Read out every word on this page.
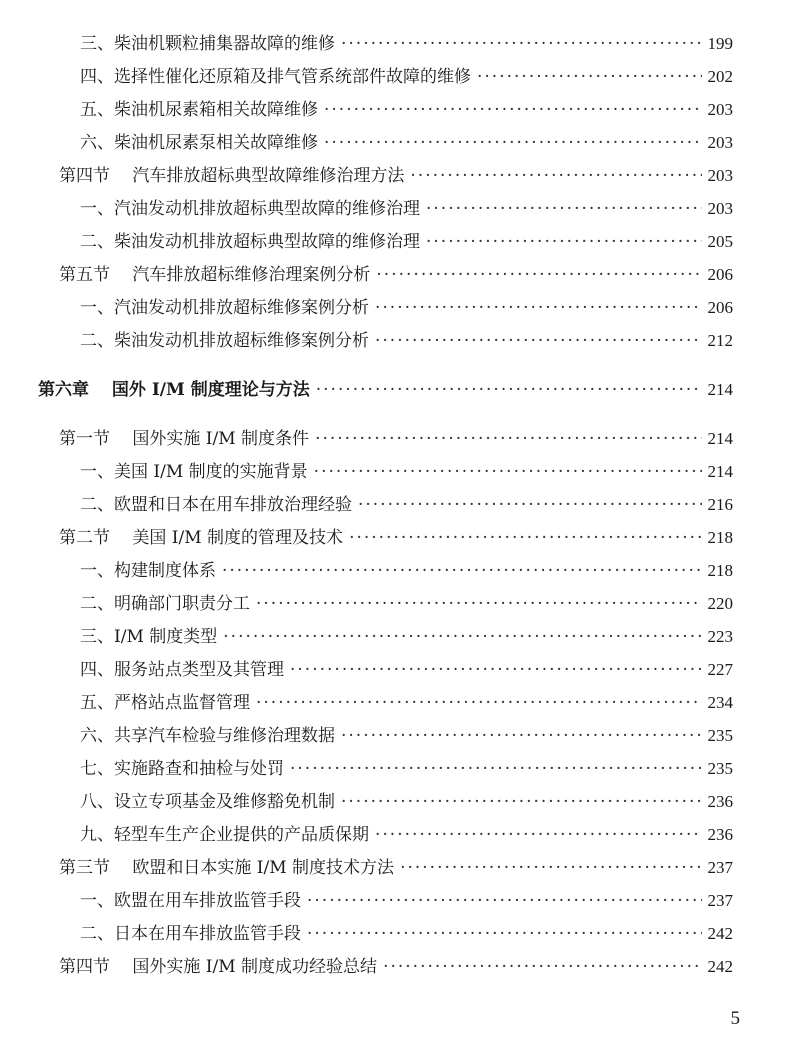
三、柴油机颗粒捕集器故障的维修 ·····	199
四、选择性催化还原箱及排气管系统部件故障的维修 ·····	202
五、柴油机尿素箱相关故障维修 ·····	203
六、柴油机尿素泵相关故障维修 ·····	203
第四节　 汽车排放超标典型故障维修治理方法 ·····	203
一、汽油发动机排放超标典型故障的维修治理 ·····	203
二、柴油发动机排放超标典型故障的维修治理 ·····	205
第五节　 汽车排放超标维修治理案例分析 ·····	206
一、汽油发动机排放超标维修案例分析 ·····	206
二、柴油发动机排放超标维修案例分析 ·····	212
第六章　 国外 I/M 制度理论与方法 ·····	214
第一节　 国外实施 I/M 制度条件 ·····	214
一、美国 I/M 制度的实施背景 ·····	214
二、欧盟和日本在用车排放治理经验 ·····	216
第二节　 美国 I/M 制度的管理及技术 ·····	218
一、构建制度体系 ·····	218
二、明确部门职责分工 ·····	220
三、I/M 制度类型 ·····	223
四、服务站点类型及其管理 ·····	227
五、严格站点监督管理 ·····	234
六、共享汽车检验与维修治理数据 ·····	235
七、实施路查和抽检与处罚 ·····	235
八、设立专项基金及维修豁免机制 ·····	236
九、轻型车生产企业提供的产品质保期 ·····	236
第三节　 欧盟和日本实施 I/M 制度技术方法 ·····	237
一、欧盟在用车排放监管手段 ·····	237
二、日本在用车排放监管手段 ·····	242
第四节　 国外实施 I/M 制度成功经验总结 ·····	242
5
